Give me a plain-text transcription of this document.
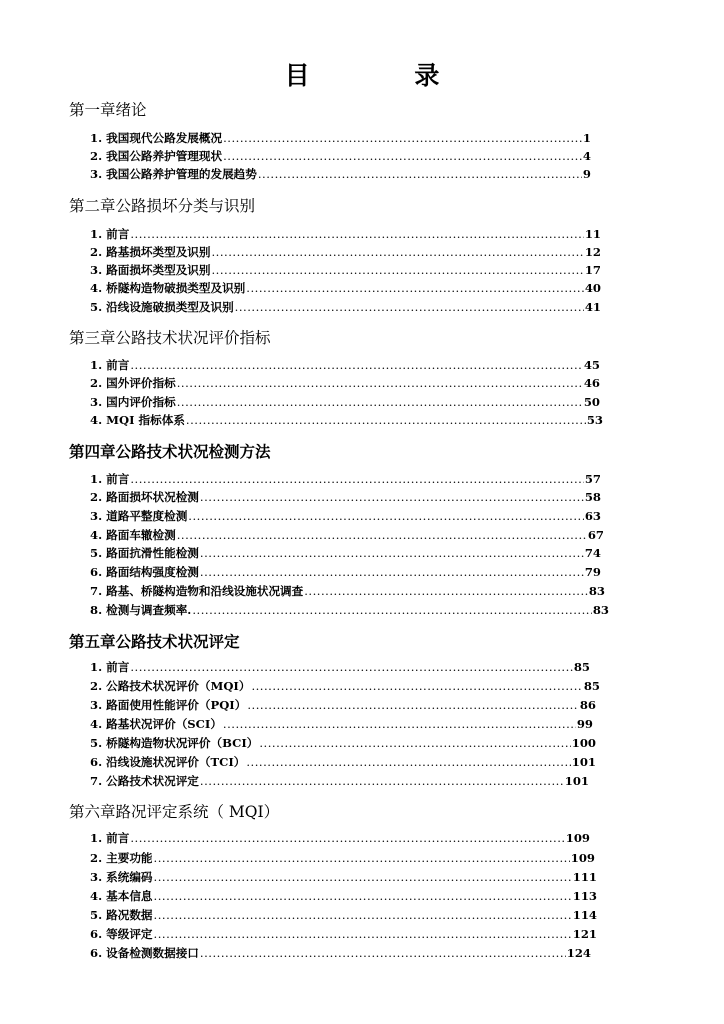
目 录
第一章绪论
1. 我国现代公路发展概况 .....	1
2. 我国公路养护管理现状 .....	4
3. 我国公路养护管理的发展趋势 .....	9
第二章公路损坏分类与识别
1. 前言 .....	11
2. 路基损坏类型及识别 .....	12
3. 路面损坏类型及识别 .....	17
4. 桥隧构造物破损类型及识别 .....	40
5. 沿线设施破损类型及识别 .....	41
第三章公路技术状况评价指标
1. 前言 .....	45
2. 国外评价指标 .....	46
3. 国内评价指标 .....	50
4. MQI 指标体系 .....	53
第四章公路技术状况检测方法
1. 前言 .....	57
2. 路面损坏状况检测 .....	58
3. 道路平整度检测 .....	63
4. 路面车辙检测 .....	67
5. 路面抗滑性能检测 .....	74
6. 路面结构强度检测 .....	79
7. 路基、桥隧构造物和沿线设施状况调查 .....	83
8. 检测与调查频率. .....	83
第五章公路技术状况评定
1. 前言 .....	85
2. 公路技术状况评价（MQI） .....	85
3. 路面使用性能评价（PQI） .....	86
4. 路基状况评价（SCI） .....	99
5. 桥隧构造物状况评价（BCI） .....	100
6. 沿线设施状况评价（TCI） .....	101
7. 公路技术状况评定 .....	101
第六章路况评定系统（ MQI）
1. 前言 .....	109
2. 主要功能 .....	109
3. 系统编码 .....	111
4. 基本信息 .....	113
5. 路况数据 .....	114
6. 等级评定 .....	121
6. 设备检测数据接口 .....	124
